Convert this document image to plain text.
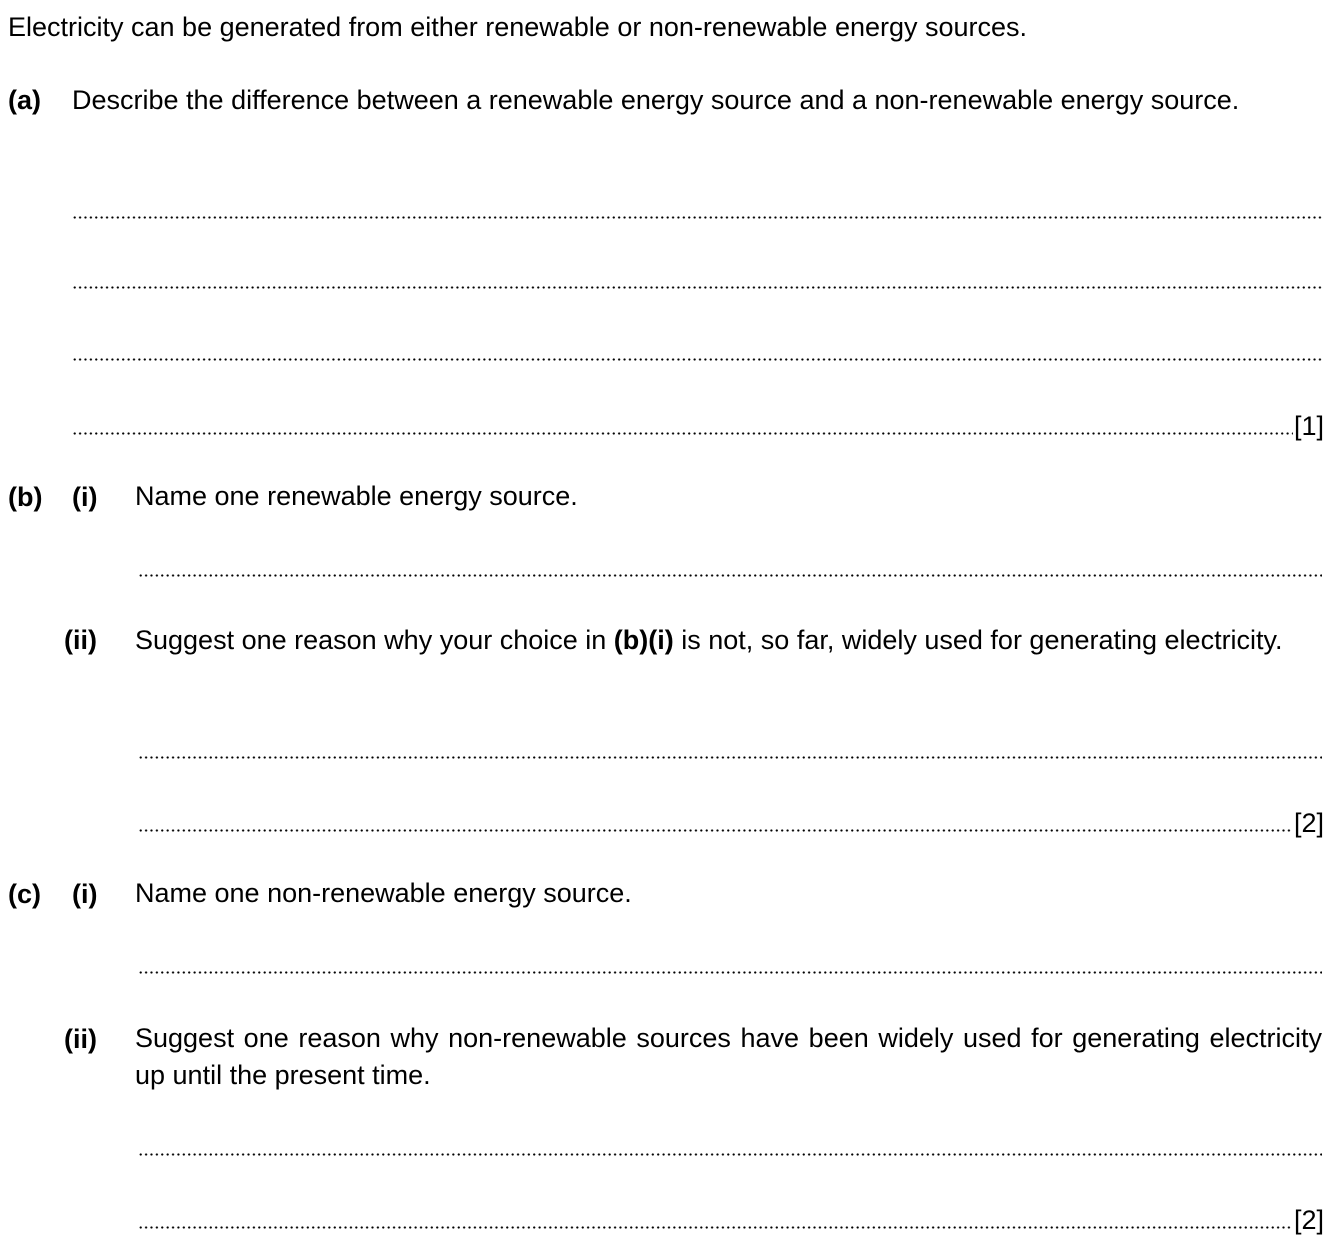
Electricity can be generated from either renewable or non-renewable energy sources.
(a) Describe the difference between a renewable energy source and a non-renewable energy source.
[1]
(b) (i) Name one renewable energy source.
(ii) Suggest one reason why your choice in (b)(i) is not, so far, widely used for generating electricity.
[2]
(c) (i) Name one non-renewable energy source.
(ii) Suggest one reason why non-renewable sources have been widely used for generating electricity up until the present time.
[2]
